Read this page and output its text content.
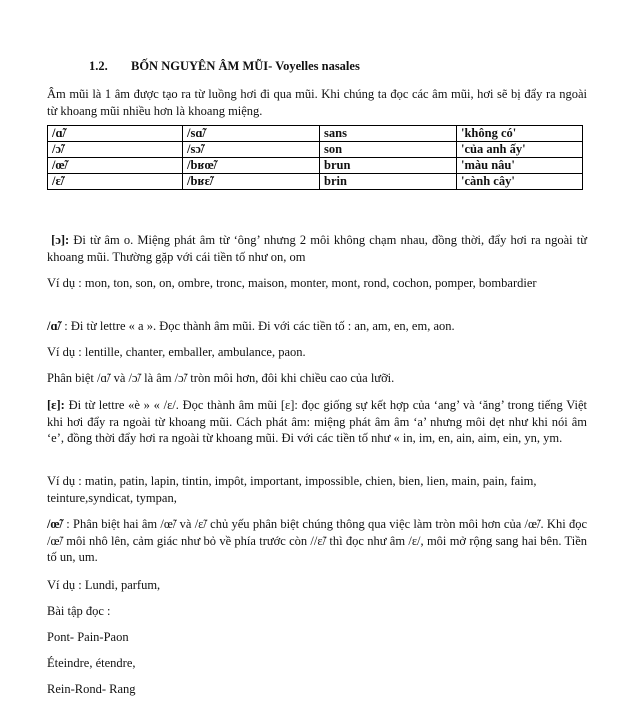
1.2. BỐN NGUYÊN ÂM MŨI- Voyelles nasales

Âm mũi là 1 âm được tạo ra từ luồng hơi đi qua mũi. Khi chúng ta đọc các âm mũi, hơi sẽ bị đẩy ra ngoài từ khoang mũi nhiều hơn là khoang miệng.

/ɑ̃/	/sɑ̃/	sans	'không có'
/ɔ̃/	/sɔ̃/	son	'của anh ấy'
/œ̃/	/bʁœ̃/	brun	'màu nâu'
/ɛ̃/	/bʁɛ̃/	brin	'cành cây'

[ɔ]: Đi từ âm o. Miệng phát âm từ ‘ông’ nhưng 2 môi không chạm nhau, đồng thời, đẩy hơi ra ngoài từ khoang mũi. Thường gặp với cái tiền tố như on, om

Ví dụ : mon, ton, son, on, ombre, tronc, maison, monter, mont, rond, cochon, pomper, bombardier

/ɑ̃/ : Đi từ lettre « a ». Đọc thành âm mũi. Đi với các tiền tố : an, am, en, em, aon.

Ví dụ : lentille, chanter, emballer, ambulance, paon.

Phân biệt /ɑ̃/ và /ɔ̃/ là âm /ɔ̃/ tròn môi hơn, đôi khi chiều cao của lưỡi.

[ɛ]: Đi từ lettre «è » « /ɛ/. Đọc thành âm mũi [ɛ]: đọc giống sự kết hợp của ‘ang’ và ‘ăng’ trong tiếng Việt khi hơi đẩy ra ngoài từ khoang mũi. Cách phát âm: miệng phát âm âm ‘a’ nhưng môi dẹt như khi nói âm ‘e’, đồng thời đẩy hơi ra ngoài từ khoang mũi. Đi với các tiền tố như « in, im, en, ain, aim, ein, yn, ym.

Ví dụ : matin, patin, lapin, tintin, impôt, important, impossible, chien, bien, lien, main, pain, faim, teinture,syndicat, tympan,

/œ̃/ : Phân biệt hai âm /œ̃/ và /ɛ̃/ chủ yếu phân biệt chúng thông qua việc làm tròn môi hơn của /œ̃/. Khi đọc /œ̃/ môi nhô lên, cảm giác như bỏ về phía trước còn //ɛ̃/ thì đọc như âm /ɛ/, môi mở rộng sang hai bên. Tiền tố un, um.

Ví dụ : Lundi, parfum,
Bài tập đọc :
Pont- Pain-Paon
Éteindre, étendre,
Rein-Rond- Rang
